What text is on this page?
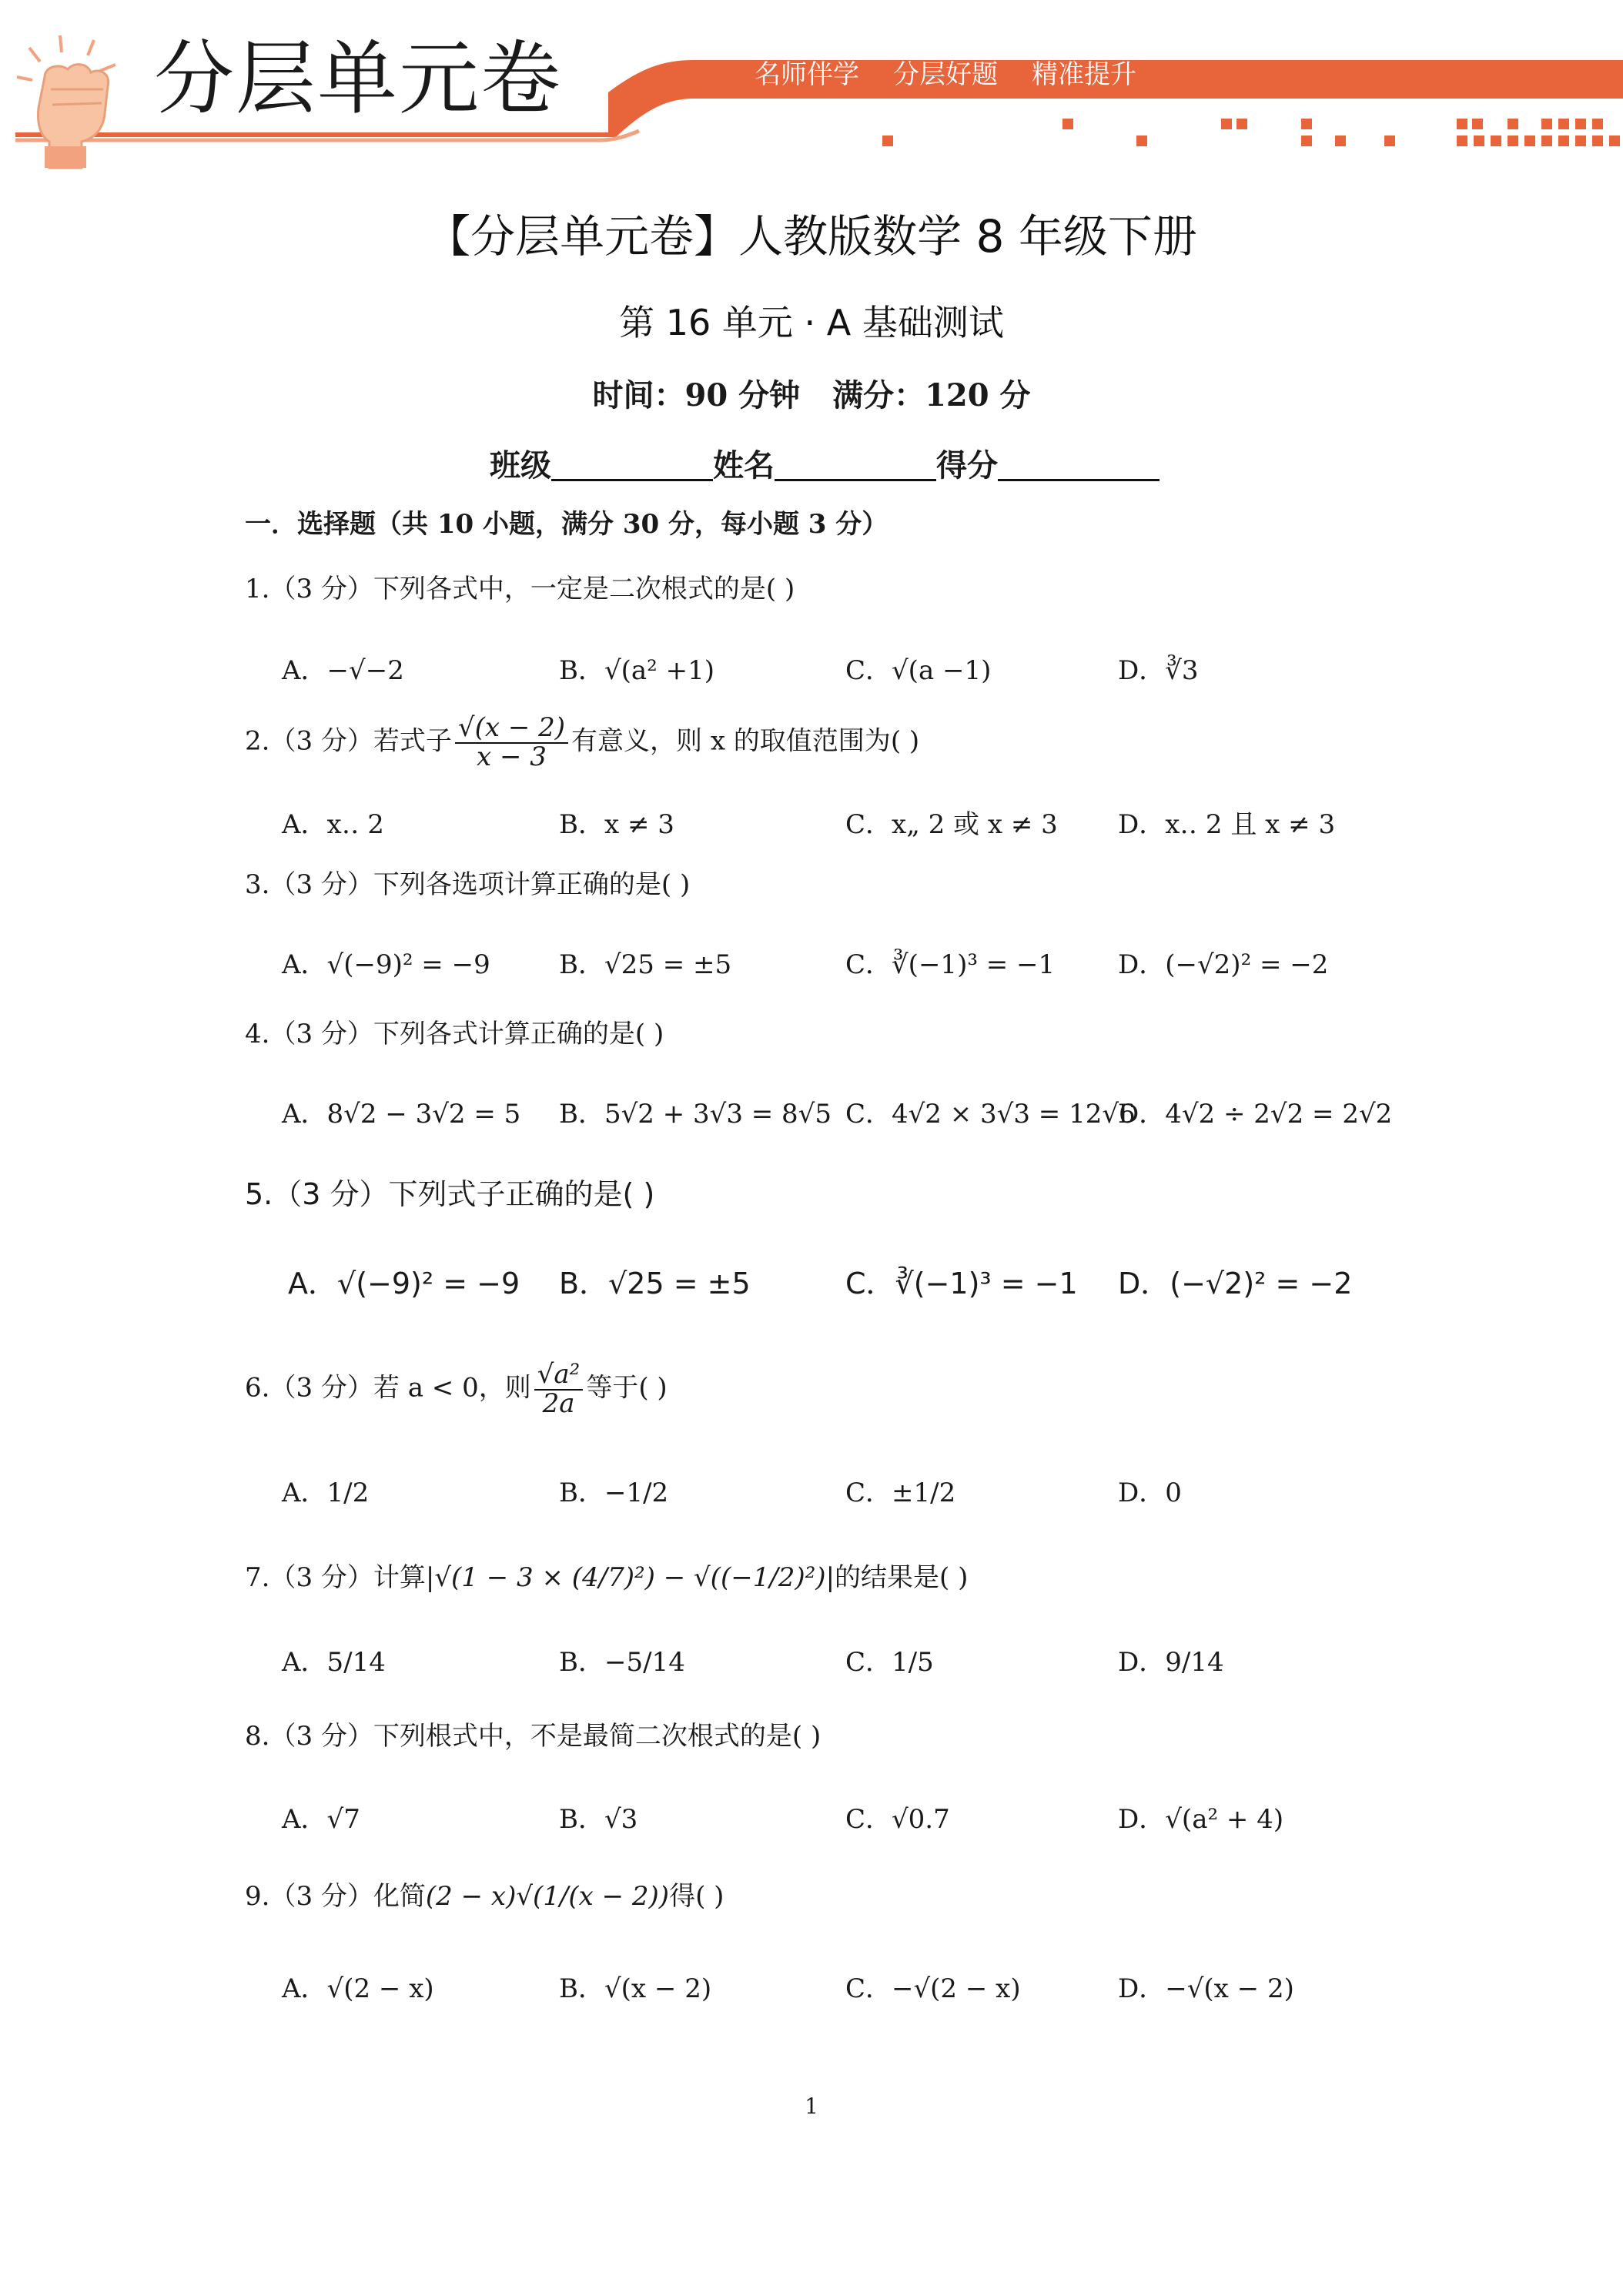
分层单元卷	名师伴学 分层好题 精准提升
【分层单元卷】人教版数学 8 年级下册
第 16 单元 · A 基础测试
时间：90 分钟 满分：120 分
班级	姓名	得分
一．选择题（共 10 小题，满分 30 分，每小题 3 分）
1.（3 分）下列各式中，一定是二次根式的是( )
A．−√−2	B．√(a² +1)	C．√(a −1)	D．∛3
2.（3 分）若式子 $\frac{√(x - 2)}{x - 3}$ 有意义，则 x 的取值范围为( )
A．x‥ 2	B．x ≠ 3	C．x„ 2 或 x ≠ 3 D．x‥ 2 且 x ≠ 3
3.（3 分）下列各选项计算正确的是( )
A．√(−9)² = −9	B．√25 = ±5	C．∛(−1)³ = −1 D．(−√2)² = −2
4.（3 分）下列各式计算正确的是( )
A．8√2 − 3√2 = 5 B．5√2 + 3√3 = 8√5 C．4√2 × 3√3 = 12√6
D．4√2 ÷ 2√2 = 2√2
5.（3 分）下列式子正确的是( )
A．√(−9)² = −9 B．√25 = ±5	C．∛(−1)³ = −1 D．(−√2)² = −2
6.（3 分）若 a < 0，则 $\frac{\text{√a²}}{2a}$ 等于( )
A．1/2	B．−1/2	C．±1/2	D．0
7.（3 分）计算|√(1 − 3 × (4/7)²) − √((−1/2)²)|的结果是( )
A．5/14	B．−5/14	C．1/5	D．9/14
8.（3 分）下列根式中，不是最简二次根式的是( )
A．√7	B．√3	C．√0.7	D．√(a² + 4)
9.（3 分）化简(2 − x)√(1/(x − 2))得( )
A．√(2 − x)	B．√(x − 2)	C．−√(2 − x)	D．−√(x − 2)
1
